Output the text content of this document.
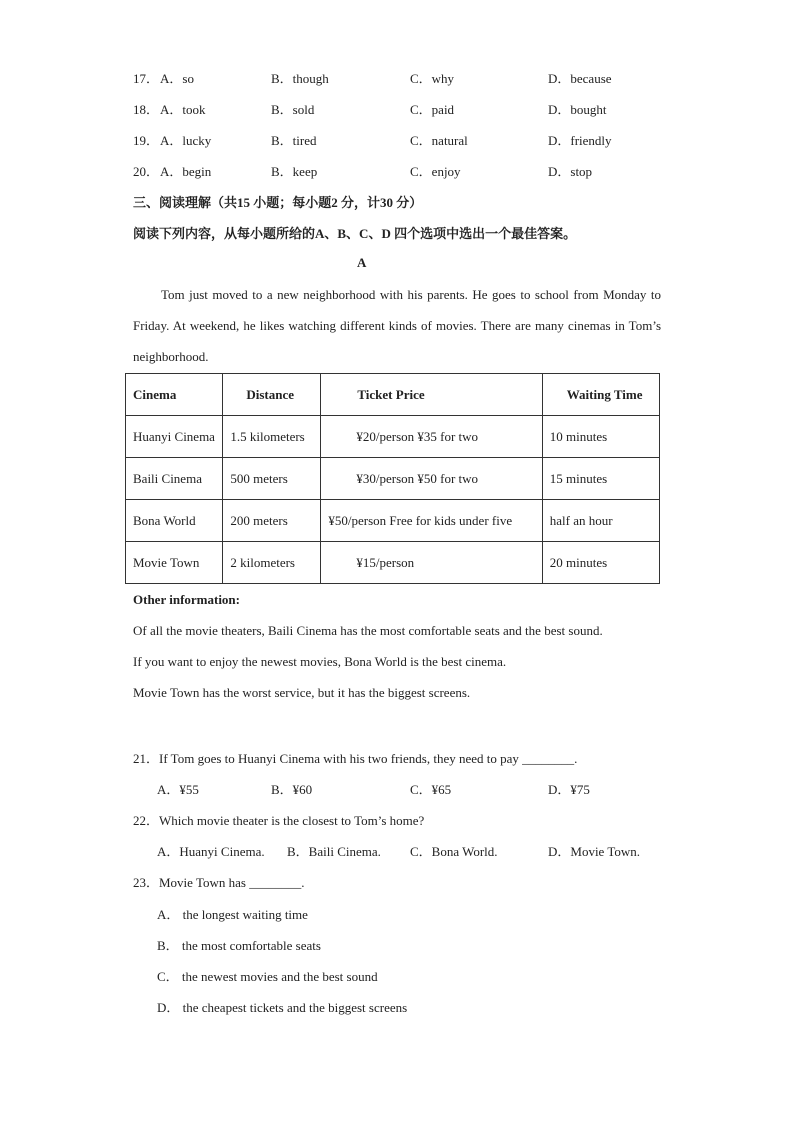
17． A．so	B．though	C．why	D．because
18． A．took	B．sold	C．paid	D．bought
19． A．lucky	B．tired	C．natural	D．friendly
20． A．begin	B．keep	C．enjoy	D．stop
三、阅读理解（共15 小题；每小题2 分，计30 分）
阅读下列内容，从每小题所给的A、B、C、D 四个选项中选出一个最佳答案。
A
Tom just moved to a new neighborhood with his parents. He goes to school from Monday to Friday. At weekend, he likes watching different kinds of movies. There are many cinemas in Tom’s neighborhood.
Cinema	Distance	Ticket Price	Waiting Time
Huanyi Cinema	1.5 kilometers	¥20/person ¥35 for two	10 minutes
Baili Cinema	500 meters	¥30/person ¥50 for two	15 minutes
Bona World	200 meters	¥50/person Free for kids under five	half an hour
Movie Town	2 kilometers	¥15/person	20 minutes
Other information:
Of all the movie theaters, Baili Cinema has the most comfortable seats and the best sound.
If you want to enjoy the newest movies, Bona World is the best cinema.
Movie Town has the worst service, but it has the biggest screens.
21．If Tom goes to Huanyi Cinema with his two friends, they need to pay ________.
A．¥55	B．¥60	C．¥65	D．¥75
22．Which movie theater is the closest to Tom’s home?
A．Huanyi Cinema. B．Baili Cinema. C．Bona World.	D．Movie Town.
23．Movie Town has ________.
A． the longest waiting time
B． the most comfortable seats
C． the newest movies and the best sound
D． the cheapest tickets and the biggest screens
